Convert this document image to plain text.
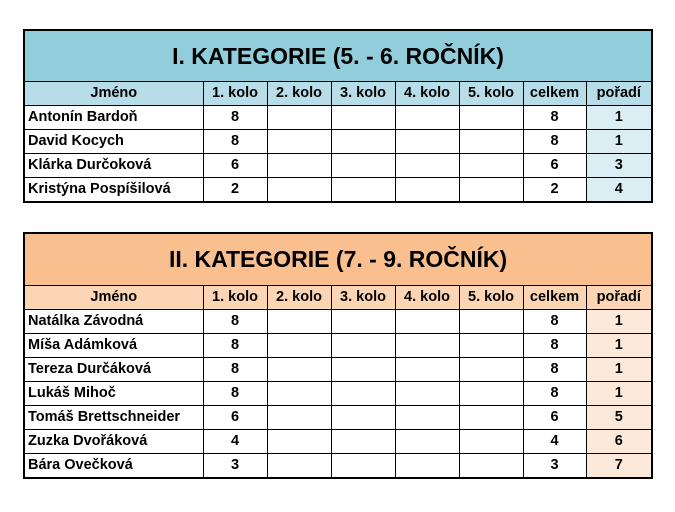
I. KATEGORIE (5. - 6. ROČNÍK)							
Jméno	1. kolo	2. kolo	3. kolo	4. kolo	5. kolo	celkem	pořadí
Antonín Bardoň	8					8	1
David Kocych	8					8	1
Klárka Durčoková	6					6	3
Kristýna Pospíšilová	2					2	4
II. KATEGORIE (7. - 9. ROČNÍK)							
Jméno	1. kolo	2. kolo	3. kolo	4. kolo	5. kolo	celkem	pořadí
Natálka Závodná	8					8	1
Míša Adámková	8					8	1
Tereza Durčáková	8					8	1
Lukáš Mihoč	8					8	1
Tomáš Brettschneider	6					6	5
Zuzka Dvořáková	4					4	6
Bára Ovečková	3					3	7
